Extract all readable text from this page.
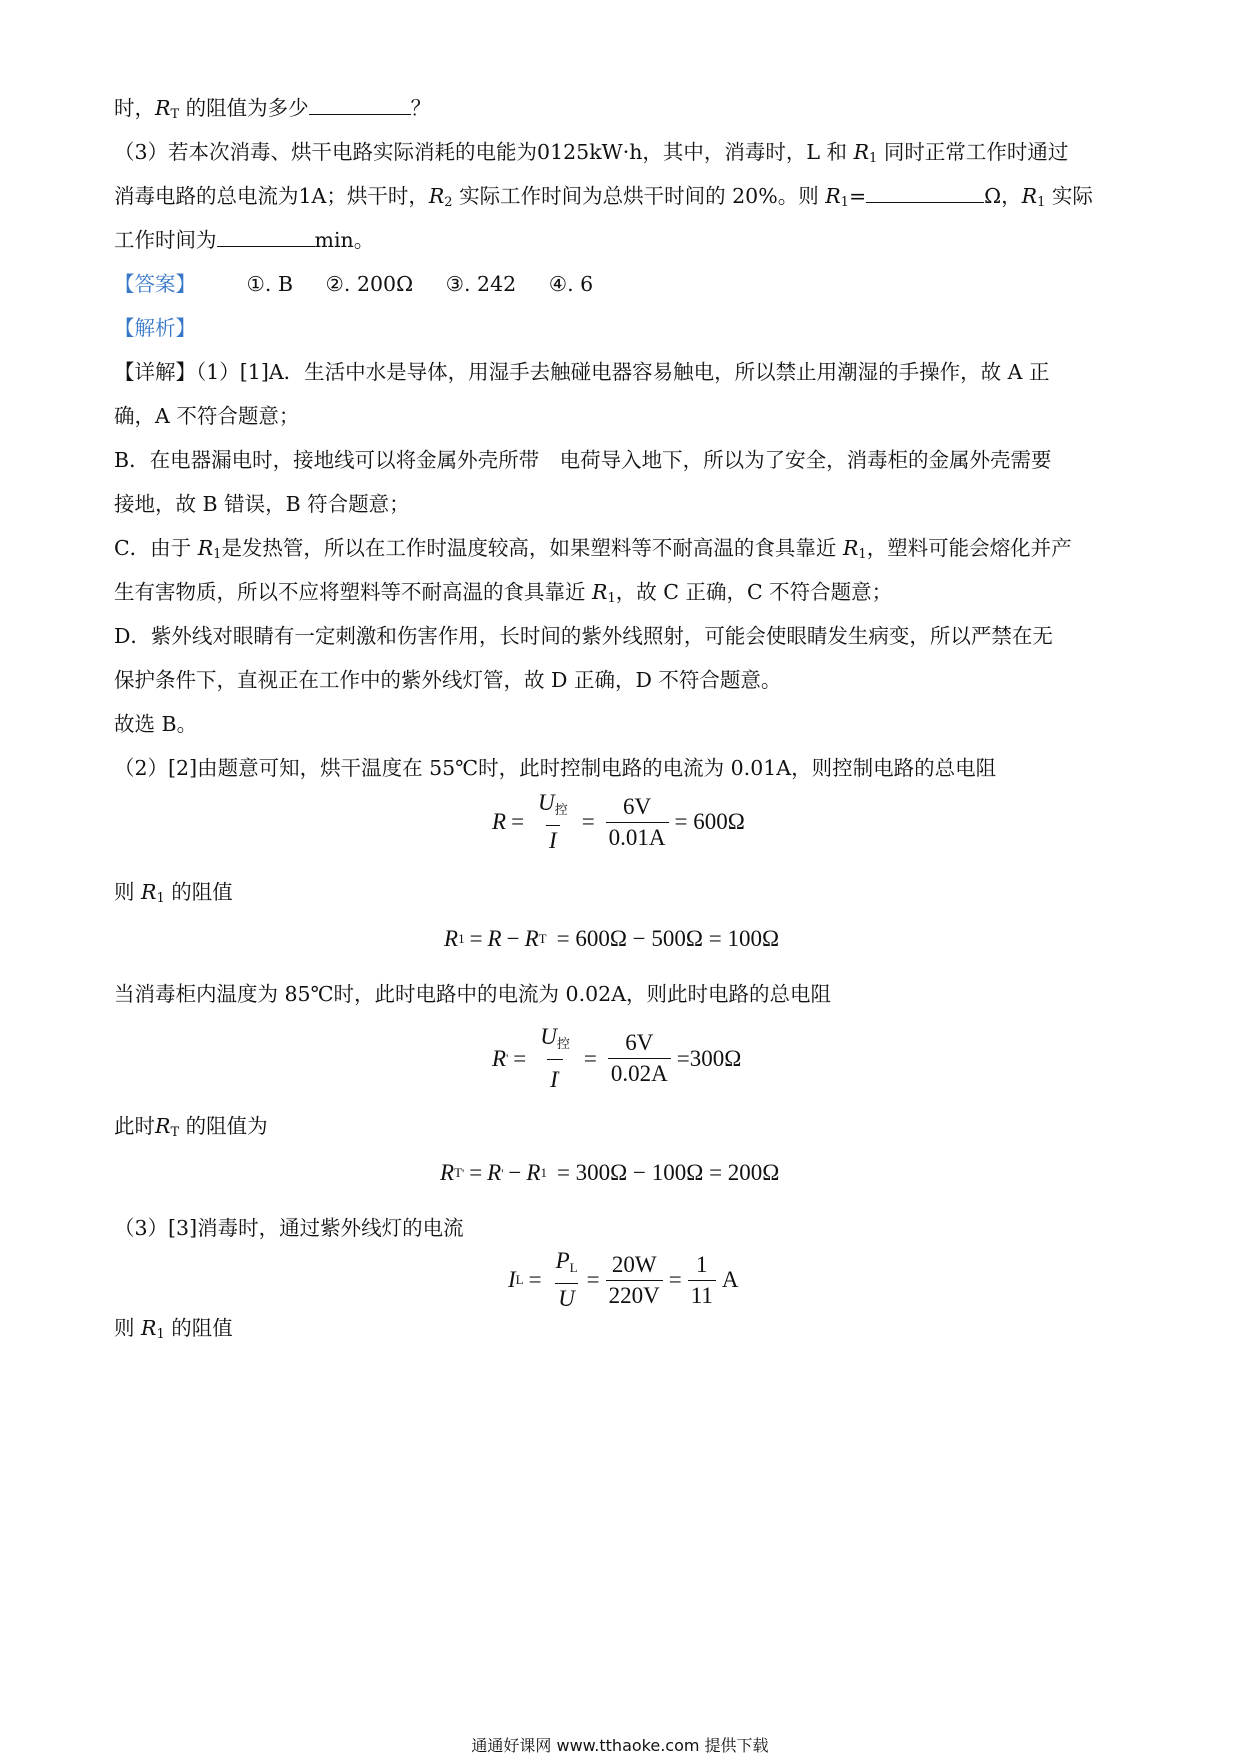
时，$R_T$ 的阻值为多少	？
（3）若本次消毒、烘干电路实际消耗的电能为0125kW·h，其中，消毒时，L 和 $R_1$ 同时正常工作时通过
消毒电路的总电流为1A；烘干时，$R_2$ 实际工作时间为总烘干时间的 20%。则 $R_1=$	Ω，$R_1$ 实际
工作时间为	min。
【答案】 ①. B ②. 200Ω ③. 242 ④. 6
【解析】
【详解】（1）[1]A．生活中水是导体，用湿手去触碰电器容易触电，所以禁止用潮湿的手操作，故 A 正
确，A 不符合题意；
B．在电器漏电时，接地线可以将金属外壳所带　电荷导入地下，所以为了安全，消毒柜的金属外壳需要
接地，故 B 错误，B 符合题意；
C．由于 $R_1$是发热管，所以在工作时温度较高，如果塑料等不耐高温的食具靠近 $R_1$，塑料可能会熔化并产
生有害物质，所以不应将塑料等不耐高温的食具靠近 $R_1$，故 C 正确，C 不符合题意；
D．紫外线对眼睛有一定刺激和伤害作用，长时间的紫外线照射，可能会使眼睛发生病变，所以严禁在无
保护条件下，直视正在工作中的紫外线灯管，故 D 正确，D 不符合题意。
故选 B。
（2）[2]由题意可知，烘干温度在 55℃时，此时控制电路的电流为 0.01A，则控制电路的总电阻
$R = \frac{\text{U控}}{I} = \frac{6V}{0.01A} = 600\Omega$
则 $R_1$ 的阻值
R 1 = R − R T = 600Ω − 500Ω = 100Ω
当消毒柜内温度为 85℃时，此时电路中的电流为 0.02A，则此时电路的总电阻
R ' = $\frac{\text{U控}}{I'} = \frac{6V}{0.02A} =300\Omega$
此时$R_T$ 的阻值为
R T ' = R ' − R 1 = 300Ω − 100Ω = 200Ω
（3）[3]消毒时，通过紫外线灯的电流
I $L = \frac{PL}{U} = \frac{20W}{220V} = \frac{1}{11}$ A
则 $R_1$ 的阻值
通通好课网 www.tthaoke.com 提供下载
